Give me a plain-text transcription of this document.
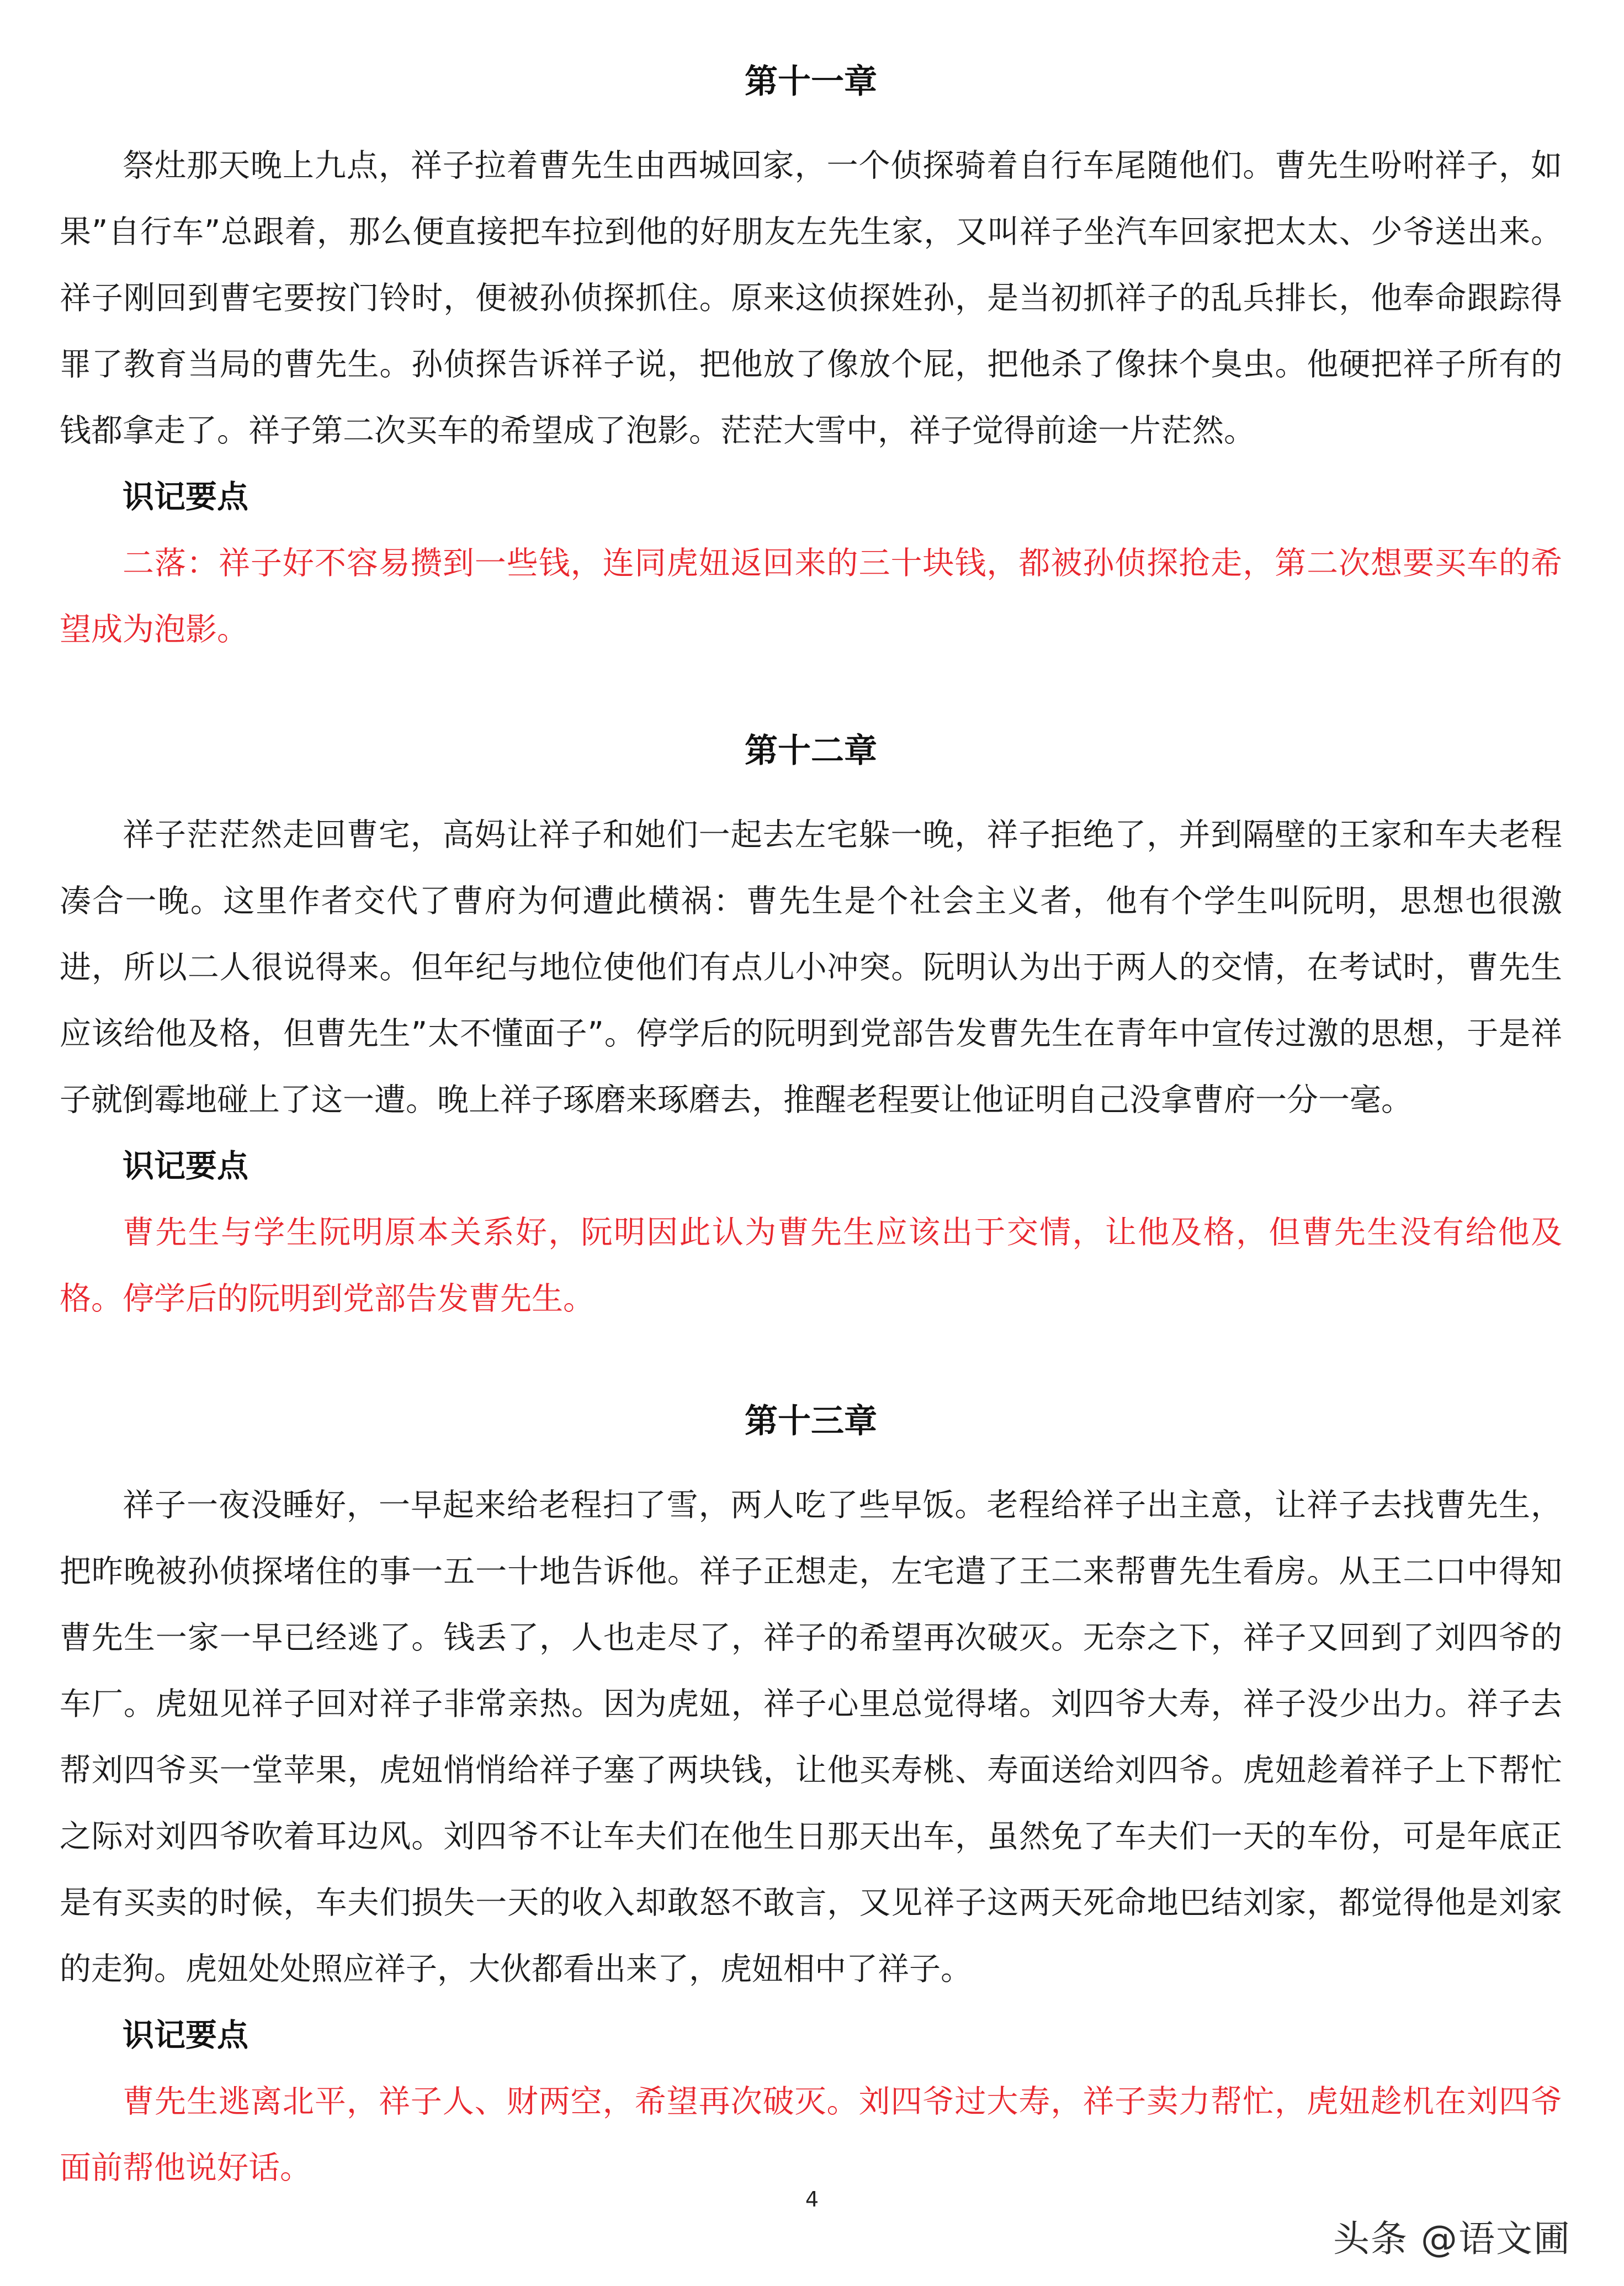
第十一章

祭灶那天晚上九点，祥子拉着曹先生由西城回家，一个侦探骑着自行车尾随他们。曹先生吩咐祥子，如果”自行车”总跟着，那么便直接把车拉到他的好朋友左先生家，又叫祥子坐汽车回家把太太、少爷送出来。祥子刚回到曹宅要按门铃时，便被孙侦探抓住。原来这侦探姓孙，是当初抓祥子的乱兵排长，他奉命跟踪得罪了教育当局的曹先生。孙侦探告诉祥子说，把他放了像放个屁，把他杀了像抹个臭虫。他硬把祥子所有的钱都拿走了。祥子第二次买车的希望成了泡影。茫茫大雪中，祥子觉得前途一片茫然。

识记要点

二落：祥子好不容易攒到一些钱，连同虎妞返回来的三十块钱，都被孙侦探抢走，第二次想要买车的希望成为泡影。

第十二章

祥子茫茫然走回曹宅，高妈让祥子和她们一起去左宅躲一晚，祥子拒绝了，并到隔壁的王家和车夫老程凑合一晚。这里作者交代了曹府为何遭此横祸：曹先生是个社会主义者，他有个学生叫阮明，思想也很激进，所以二人很说得来。但年纪与地位使他们有点儿小冲突。阮明认为出于两人的交情，在考试时，曹先生应该给他及格，但曹先生”太不懂面子”。停学后的阮明到党部告发曹先生在青年中宣传过激的思想，于是祥子就倒霉地碰上了这一遭。晚上祥子琢磨来琢磨去，推醒老程要让他证明自己没拿曹府一分一毫。

识记要点

曹先生与学生阮明原本关系好，阮明因此认为曹先生应该出于交情，让他及格，但曹先生没有给他及格。停学后的阮明到党部告发曹先生。

第十三章

祥子一夜没睡好，一早起来给老程扫了雪，两人吃了些早饭。老程给祥子出主意，让祥子去找曹先生，把昨晚被孙侦探堵住的事一五一十地告诉他。祥子正想走，左宅遣了王二来帮曹先生看房。从王二口中得知曹先生一家一早已经逃了。钱丢了，人也走尽了，祥子的希望再次破灭。无奈之下，祥子又回到了刘四爷的车厂。虎妞见祥子回对祥子非常亲热。因为虎妞，祥子心里总觉得堵。刘四爷大寿，祥子没少出力。祥子去帮刘四爷买一堂苹果，虎妞悄悄给祥子塞了两块钱，让他买寿桃、寿面送给刘四爷。虎妞趁着祥子上下帮忙之际对刘四爷吹着耳边风。刘四爷不让车夫们在他生日那天出车，虽然免了车夫们一天的车份，可是年底正是有买卖的时候，车夫们损失一天的收入却敢怒不敢言，又见祥子这两天死命地巴结刘家，都觉得他是刘家的走狗。虎妞处处照应祥子，大伙都看出来了，虎妞相中了祥子。

识记要点

曹先生逃离北平，祥子人、财两空，希望再次破灭。刘四爷过大寿，祥子卖力帮忙，虎妞趁机在刘四爷面前帮他说好话。

4
头条 @语文圃
